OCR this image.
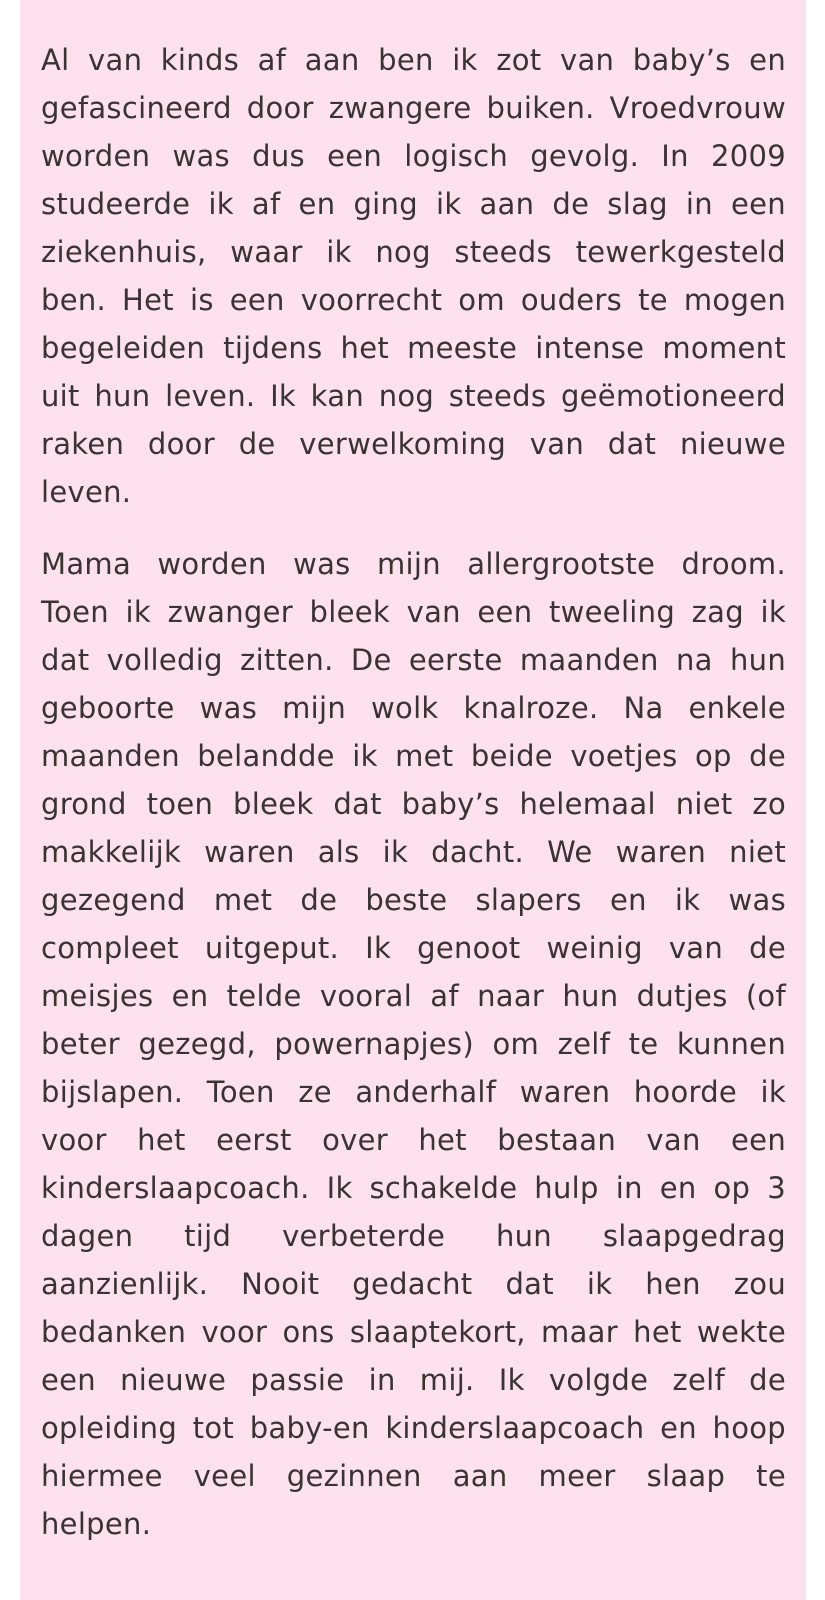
Al van kinds af aan ben ik zot van baby’s en gefascineerd door zwangere buiken. Vroedvrouw worden was dus een logisch gevolg. In 2009 studeerde ik af en ging ik aan de slag in een ziekenhuis, waar ik nog steeds tewerkgesteld ben. Het is een voorrecht om ouders te mogen begeleiden tijdens het meeste intense moment uit hun leven. Ik kan nog steeds geëmotioneerd raken door de verwelkoming van dat nieuwe leven.

Mama worden was mijn allergrootste droom. Toen ik zwanger bleek van een tweeling zag ik dat volledig zitten. De eerste maanden na hun geboorte was mijn wolk knalroze. Na enkele maanden belandde ik met beide voetjes op de grond toen bleek dat baby’s helemaal niet zo makkelijk waren als ik dacht. We waren niet gezegend met de beste slapers en ik was compleet uitgeput. Ik genoot weinig van de meisjes en telde vooral af naar hun dutjes (of beter gezegd, powernapjes) om zelf te kunnen bijslapen. Toen ze anderhalf waren hoorde ik voor het eerst over het bestaan van een kinderslaapcoach. Ik schakelde hulp in en op 3 dagen tijd verbeterde hun slaapgedrag aanzienlijk. Nooit gedacht dat ik hen zou bedanken voor ons slaaptekort, maar het wekte een nieuwe passie in mij. Ik volgde zelf de opleiding tot baby-en kinderslaapcoach en hoop hiermee veel gezinnen aan meer slaap te helpen.
